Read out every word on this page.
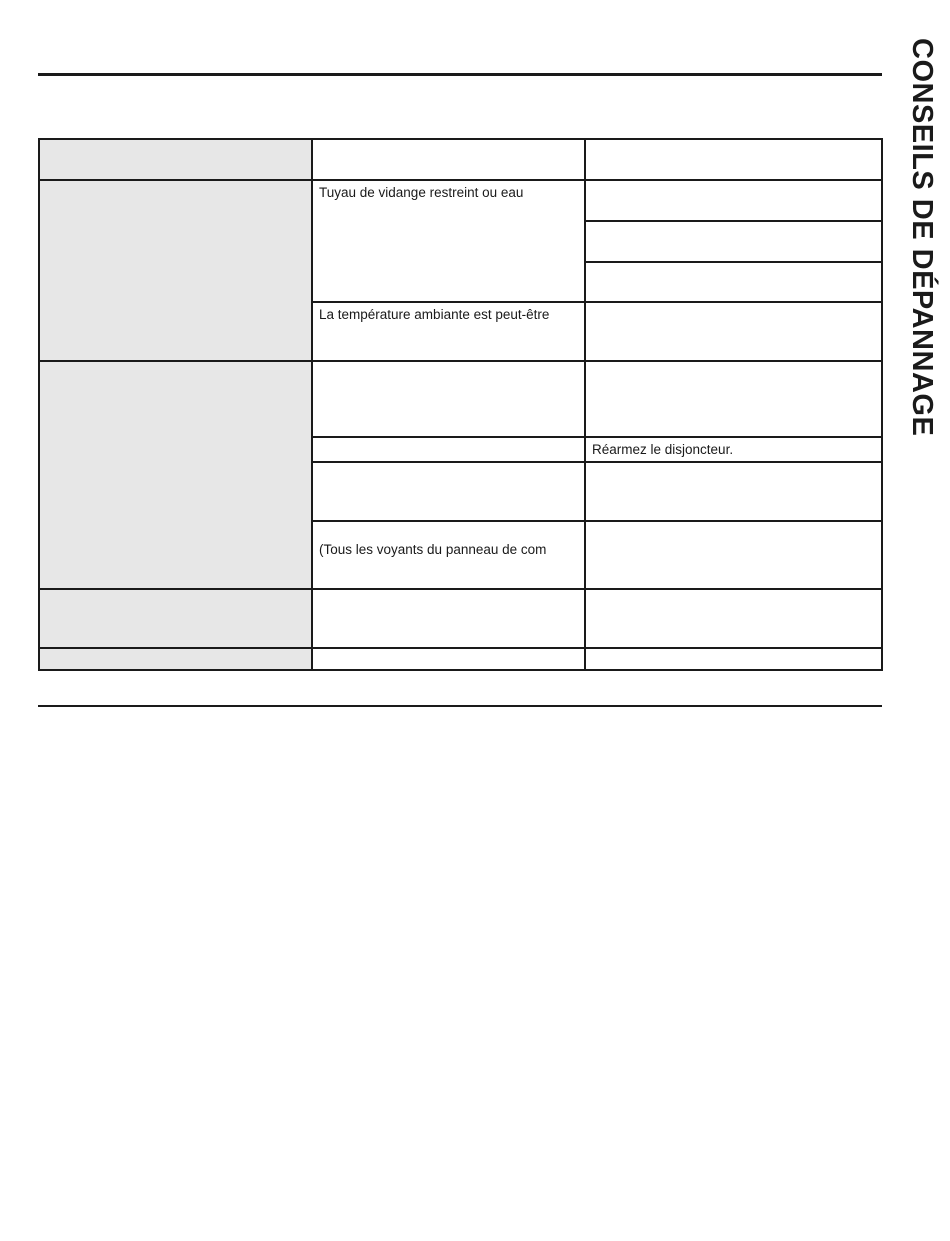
CONSEILS DE DÉPANNAGE
Tuyau de vidange restreint ou eau
La température ambiante est peut-être
Réarmez le disjoncteur.
(Tous les voyants du panneau de com
